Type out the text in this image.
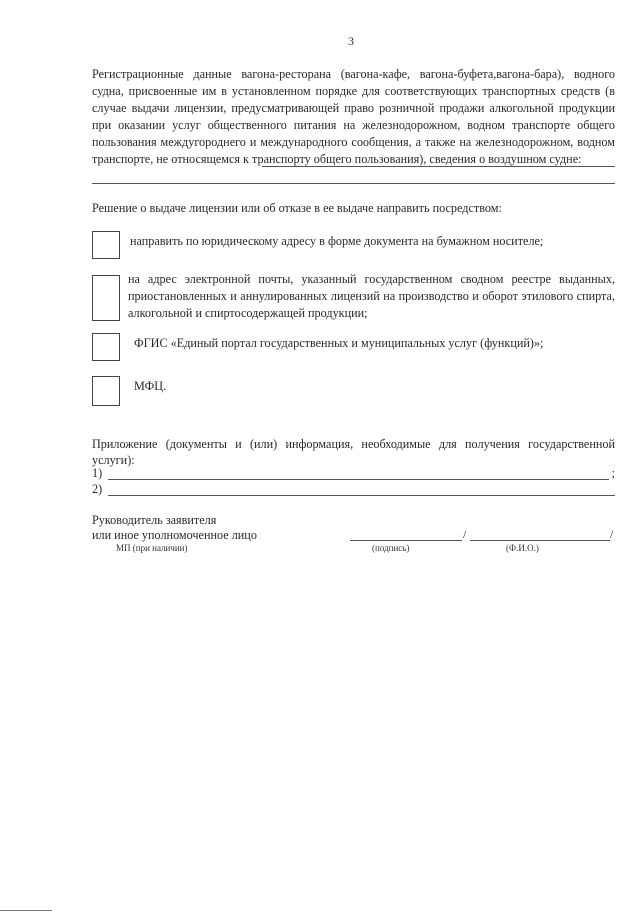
3
Регистрационные данные вагона-ресторана (вагона-кафе, вагона-буфета,вагона-бара), водного судна, присвоенные им в установленном порядке для соответствующих транспортных средств (в случае выдачи лицензии, предусматривающей право розничной продажи алкогольной продукции при оказании услуг общественного питания на железнодорожном, водном транспорте общего пользования междугороднего и международного сообщения, а также на железнодорожном, водном транспорте, не относящемся к транспорту общего пользования), сведения о воздушном судне:
Решение о выдаче лицензии или об отказе в ее выдаче направить посредством:
направить по юридическому адресу в форме документа на бумажном носителе;
на адрес электронной почты, указанный государственном сводном реестре выданных, приостановленных и аннулированных лицензий на производство и оборот этилового спирта, алкогольной и спиртосодержащей продукции;
ФГИС «Единый портал государственных и муниципальных услуг (функций)»;
МФЦ.
Приложение (документы и (или) информация, необходимые для получения государственной услуги):
1)	;
2)
Руководитель заявителя
или иное уполномоченное лицо
МП (при наличии)
/	/
(подпись)	(Ф.И.О.)
